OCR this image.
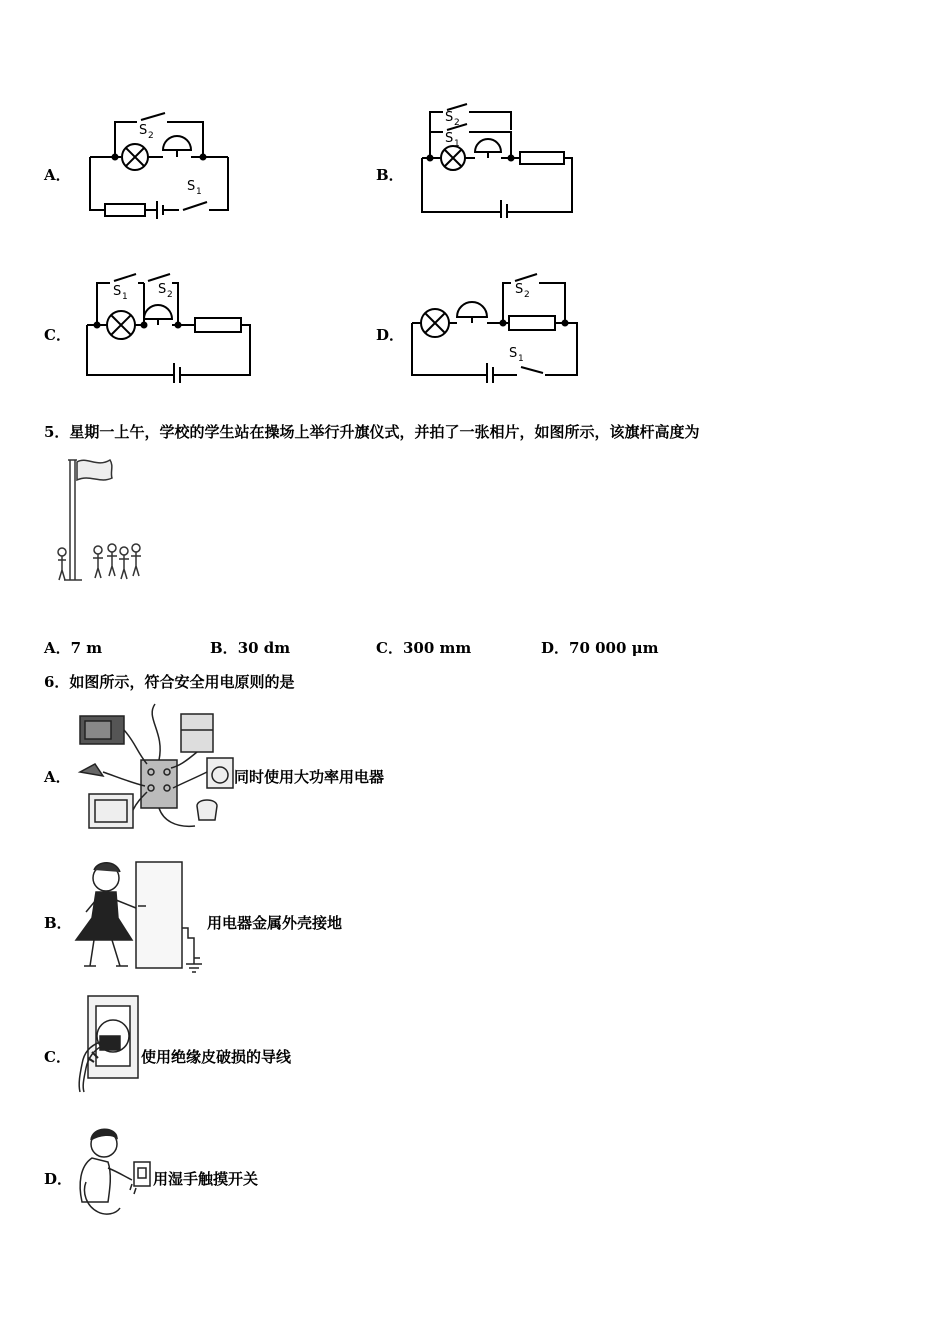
A．
S 2
S 1
B．
S 2
S 1
C．
S 1 S 2
D．
S 2
S 1
5．星期一上午，学校的学生站在操场上举行升旗仪式，并拍了一张相片，如图所示，该旗杆高度为
A．7 m	B．30 dm	C．300 mm	D．70 000 μm
6．如图所示，符合安全用电原则的是
A．	同时使用大功率用电器
B．	用电器金属外壳接地
C．	使用绝缘皮破损的导线
D．	用湿手触摸开关
